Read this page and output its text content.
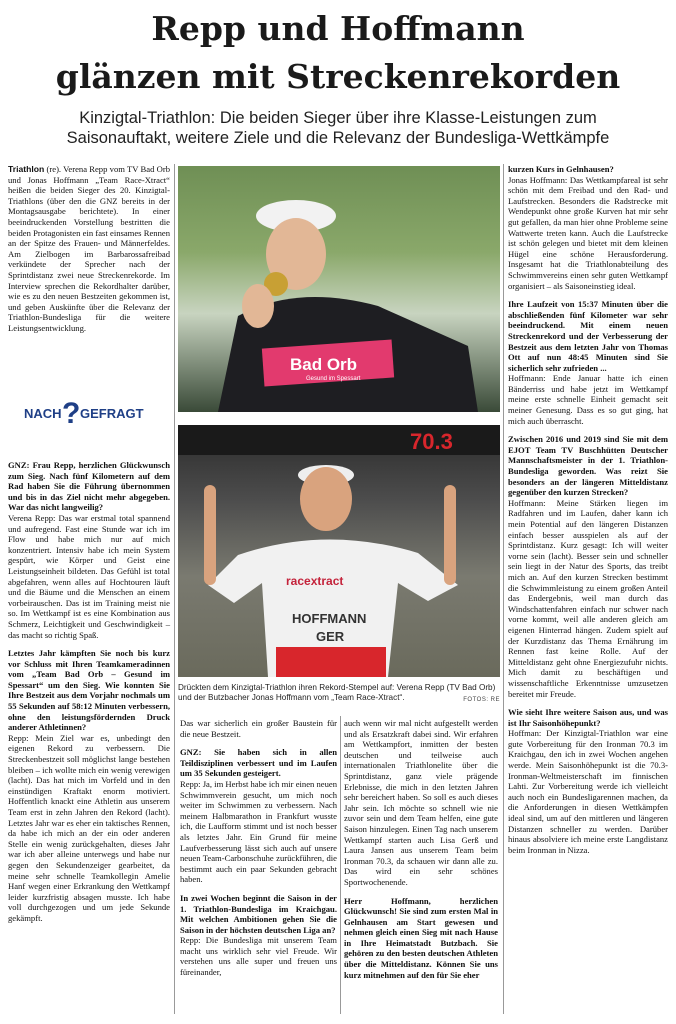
Repp und Hoffmann
glänzen mit Streckenrekorden
Kinzigtal-Triathlon: Die beiden Sieger über ihre Klasse-Leistungen zum
Saisonauftakt, weitere Ziele und die Relevanz der Bundesliga-Wettkämpfe

Triathlon (re). Verena Repp vom TV Bad Orb und Jonas Hoffmann „Team Race-Xtract“ heißen die beiden Sieger des 20. Kinzigtal-Triathlons (über den die GNZ bereits in der Montagsausgabe berichtete). In einer beeindruckenden Vorstellung bestritten die beiden Protagonisten ein fast einsames Rennen an der Spitze des Frauen- und Männerfeldes. Am Zielbogen im Barbarossafreibad verkündete der Sprecher nach der Sprintdistanz zwei neue Streckenrekorde. Im Interview sprechen die Rekordhalter darüber, wie es zu den neuen Bestzeiten gekommen ist, und geben Auskünfte über die Relevanz der Triathlon-Bundesliga für die weitere Leistungsentwicklung.

NACH ? GEFRAGT

GNZ: Frau Repp, herzlichen Glückwunsch zum Sieg. Nach fünf Kilometern auf dem Rad haben Sie die Führung übernommen und bis in das Ziel nicht mehr abgegeben. War das nicht langweilig?

Verena Repp: Das war erstmal total spannend und aufregend. Fast eine Stunde war ich im Flow und habe mich nur auf mich konzentriert. Intensiv habe ich mein System gespürt, wie Körper und Geist eine Leistungseinheit bildeten. Das Gefühl ist total abgefahren, wenn alles auf Hochtouren läuft und die Bäume und die Menschen an einem vorbeirauschen. Das ist im Training meist nie so. Im Wettkampf ist es eine Kombination aus Schmerz, Leichtigkeit und Geschwindigkeit – das macht so richtig Spaß.

Letztes Jahr kämpften Sie noch bis kurz vor Schluss mit Ihren Teamkameradinnen vom „Team Bad Orb – Gesund im Spessart“ um den Sieg. Wie konnten Sie Ihre Bestzeit aus dem Vorjahr nochmals um 55 Sekunden auf 58:12 Minuten verbessern, ohne den leistungsfördernden Druck anderer Athletinnen?

Repp: Mein Ziel war es, unbedingt den eigenen Rekord zu verbessern. Die Streckenbestzeit soll möglichst lange bestehen bleiben – ich wollte mich ein wenig verewigen (lacht). Das hat mich im Vorfeld und in den einstündigen Kraftakt enorm motiviert. Hoffentlich knackt eine Athletin aus unserem Team erst in zehn Jahren den Rekord (lacht). Letztes Jahr war es eher ein taktisches Rennen, da habe ich mich an der ein oder anderen Stelle ein wenig zurückgehalten, dieses Jahr war ich aber alleine unterwegs und habe nur gegen den Sekundenzeiger gearbeitet, da meine sehr schnelle Teamkollegin Amelie Hanf wegen einer Erkrankung den Wettkampf leider kurzfristig absagen musste. Ich habe voll durchgezogen und um jede Sekunde gekämpft.

Bad Orb
Gesund im Spessart
70.3
racextract
HOFFMANN
GER
Drückten dem Kinzigtal-Triathlon ihren Rekord-Stempel auf: Verena Repp (TV Bad Orb) und der Butzbacher Jonas Hoffmann vom „Team Race-Xtract“.	FOTOS: RE

Das war sicherlich ein großer Baustein für die neue Bestzeit.

GNZ: Sie haben sich in allen Teildisziplinen verbessert und im Laufen um 35 Sekunden gesteigert.

Repp: Ja, im Herbst habe ich mir einen neuen Schwimmverein gesucht, um mich noch weiter im Schwimmen zu verbessern. Nach meinem Halbmarathon in Frankfurt wusste ich, die Laufform stimmt und ist noch besser als letztes Jahr. Ein Grund für meine Laufverbesserung lässt sich auch auf unsere neuen Team-Carbonschuhe zurückführen, die bestimmt auch ein paar Sekunden gebracht haben.

In zwei Wochen beginnt die Saison in der 1. Triathlon-Bundesliga im Kraichgau. Mit welchen Ambitionen gehen Sie die Saison in der höchsten deutschen Liga an?

Repp: Die Bundesliga mit unserem Team macht uns wirklich sehr viel Freude. Wir verstehen uns alle super und freuen uns füreinander,

auch wenn wir mal nicht aufgestellt werden und als Ersatzkraft dabei sind. Wir erfahren am Wettkampfort, inmitten der besten deutschen und teilweise auch internationalen Triathlonelite über die Sprintdistanz, ganz viele prägende Erlebnisse, die mich in den letzten Jahren sehr bereichert haben. So soll es auch dieses Jahr sein. Ich möchte so schnell wie nie zuvor sein und dem Team helfen, eine gute Saison hinzulegen. Einen Tag nach unserem Wettkampf starten auch Lisa Gerß und Laura Jansen aus unserem Team beim Ironman 70.3, da schauen wir dann alle zu. Das wird ein sehr schönes Sportwochenende.

Herr Hoffmann, herzlichen Glückwunsch! Sie sind zum ersten Mal in Gelnhausen am Start gewesen und nehmen gleich einen Sieg mit nach Hause in Ihre Heimatstadt Butzbach. Sie gehören zu den besten deutschen Athleten über die Mitteldistanz. Können Sie uns kurz mitnehmen auf den für Sie eher

kurzen Kurs in Gelnhausen?

Jonas Hoffmann: Das Wettkampfareal ist sehr schön mit dem Freibad und den Rad- und Laufstrecken. Besonders die Radstrecke mit Wendepunkt ohne große Kurven hat mir sehr gut gefallen, da man hier ohne Probleme seine Wattwerte treten kann. Auch die Laufstrecke ist schön gelegen und bietet mit dem kleinen Hügel eine schöne Herausforderung. Insgesamt hat die Triathlonabteilung des Schwimmvereins einen sehr guten Wettkampf organisiert – als Saisoneinstieg ideal.

Ihre Laufzeit von 15:37 Minuten über die abschließenden fünf Kilometer war sehr beeindruckend. Mit einem neuen Streckenrekord und der Verbesserung der Bestzeit aus dem letzten Jahr von Thomas Ott auf nun 48:45 Minuten sind Sie sicherlich sehr zufrieden ...

Hoffmann: Ende Januar hatte ich einen Bänderriss und habe jetzt im Wettkampf meine erste schnelle Einheit gemacht seit meiner Genesung. Dass es so gut ging, hat mich auch überrascht.

Zwischen 2016 und 2019 sind Sie mit dem EJOT Team TV Buschhütten Deutscher Mannschaftsmeister in der 1. Triathlon-Bundesliga geworden. Was reizt Sie besonders an der längeren Mitteldistanz gegenüber den kurzen Strecken?

Hoffmann: Meine Stärken liegen im Radfahren und im Laufen, daher kann ich mein Potential auf den längeren Distanzen einfach besser ausspielen als auf der Sprintdistanz. Kurz gesagt: Ich will weiter vorne sein (lacht). Besser sein und schneller sein liegt in der Natur des Sports, das treibt mich an. Auf den kurzen Strecken bestimmt die Schwimmleistung zu einem großen Anteil das Endergebnis, weil man durch das Windschattenfahren einfach nur schwer nach vorne kommt, weil alle anderen gleich am eigenen Hinterrad hängen. Zudem spielt auf der Kurzdistanz das Thema Ernährung im Rennen fast keine Rolle. Auf der Mitteldistanz geht ohne Energiezufuhr nichts. Mich damit zu beschäftigen und wissenschaftliche Erkenntnisse umzusetzen bereitet mir Freude.

Wie sieht Ihre weitere Saison aus, und was ist Ihr Saisonhöhepunkt?

Hoffman: Der Kinzigtal-Triathlon war eine gute Vorbereitung für den Ironman 70.3 im Kraichgau, den ich in zwei Wochen angehen werde. Mein Saisonhöhepunkt ist die 70.3-Ironman-Weltmeisterschaft im finnischen Lahti. Zur Vorbereitung werde ich vielleicht auch noch ein Bundesligarennen machen, da die Anforderungen in diesen Wettkämpfen ideal sind, um auf den mittleren und längeren Distanzen schneller zu werden. Darüber hinaus absolviere ich meine erste Langdistanz beim Ironman in Nizza.
